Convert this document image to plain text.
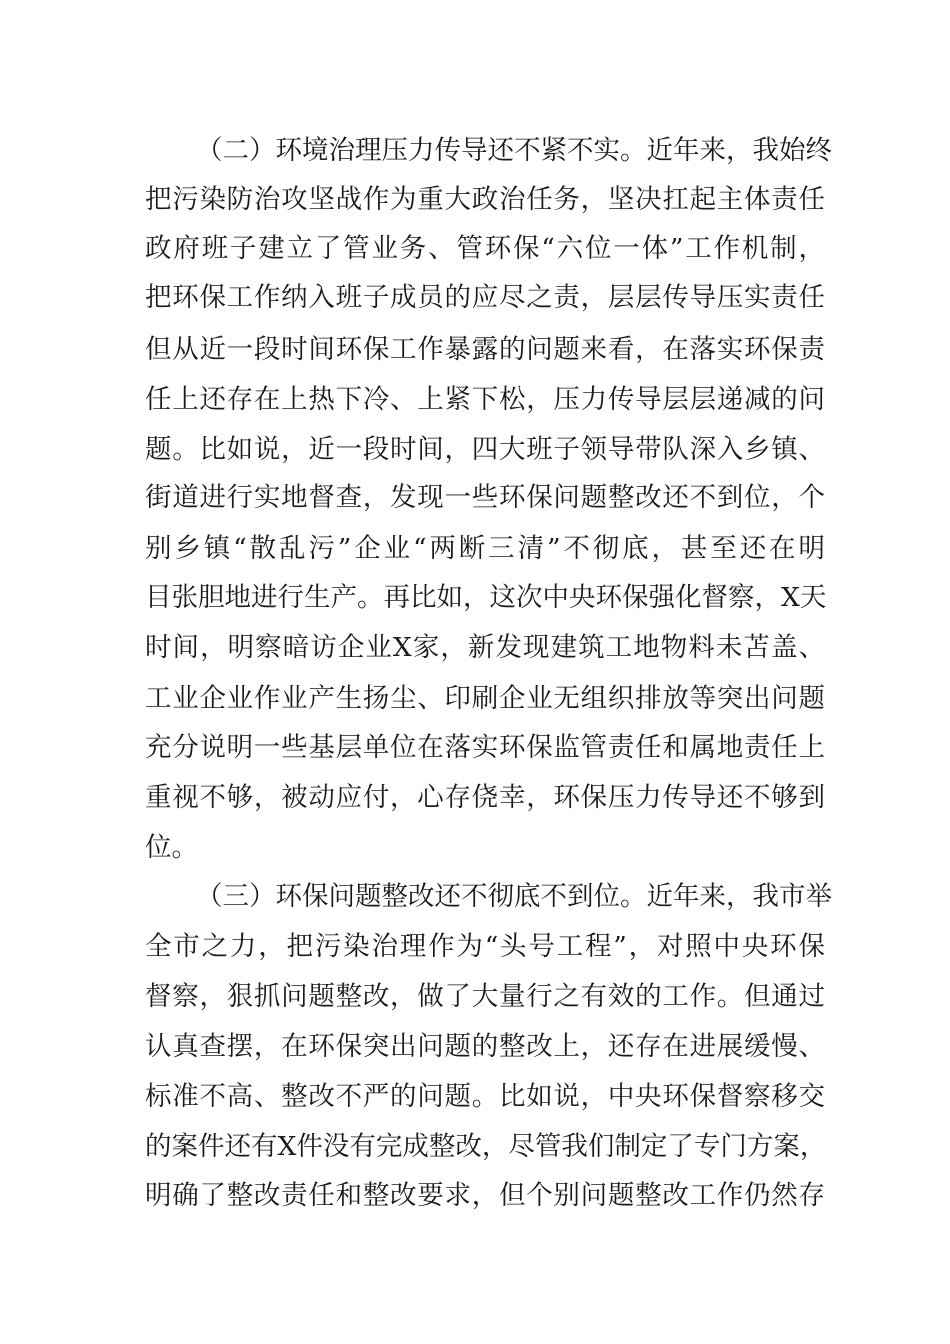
（二）环境治理压力传导还不紧不实。近年来，我始终
把污染防治攻坚战作为重大政治任务，坚决扛起主体责任
政府班子建立了管业务、管环保“六位一体”工作机制，
把环保工作纳入班子成员的应尽之责，层层传导压实责任
但从近一段时间环保工作暴露的问题来看，在落实环保责
任上还存在上热下冷、上紧下松，压力传导层层递减的问
题。比如说，近一段时间，四大班子领导带队深入乡镇、
街道进行实地督查，发现一些环保问题整改还不到位，个
别乡镇“散乱污”企业“两断三清”不彻底，甚至还在明
目张胆地进行生产。再比如，这次中央环保强化督察，X天
时间，明察暗访企业X家，新发现建筑工地物料未苫盖、
工业企业作业产生扬尘、印刷企业无组织排放等突出问题
充分说明一些基层单位在落实环保监管责任和属地责任上
重视不够，被动应付，心存侥幸，环保压力传导还不够到
位。
（三）环保问题整改还不彻底不到位。近年来，我市举
全市之力，把污染治理作为“头号工程”，对照中央环保
督察，狠抓问题整改，做了大量行之有效的工作。但通过
认真查摆，在环保突出问题的整改上，还存在进展缓慢、
标准不高、整改不严的问题。比如说，中央环保督察移交
的案件还有X件没有完成整改，尽管我们制定了专门方案，
明确了整改责任和整改要求，但个别问题整改工作仍然存
